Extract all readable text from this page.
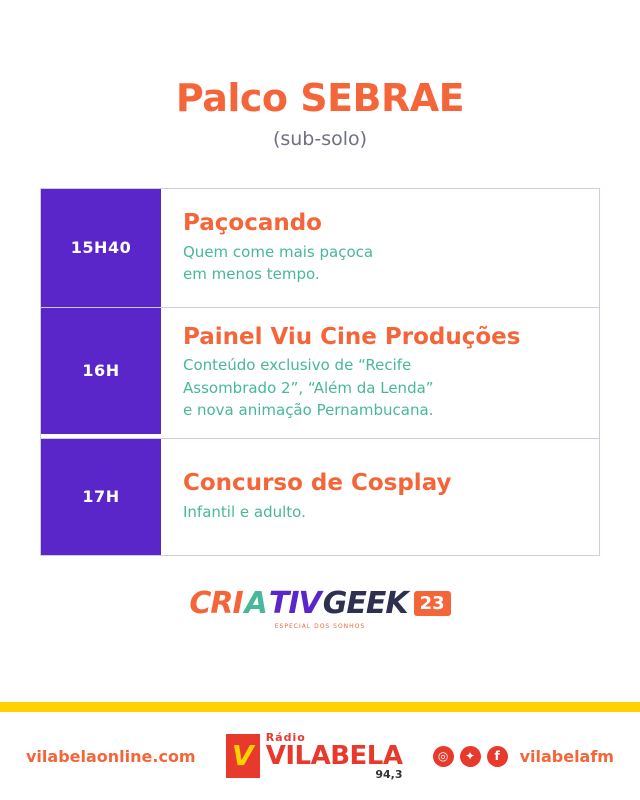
Palco SEBRAE
(sub-solo)
15H40
Paçocando
Quem come mais paçoca
em menos tempo.
16H
Painel Viu Cine Produções
Conteúdo exclusivo de “Recife
Assombrado 2”, “Além da Lenda”
e nova animação Pernambucana.
17H
Concurso de Cosplay
Infantil e adulto.
CRI A TIV GEEK 23
ESPECIAL DOS SONHOS
vilabelaonline.com V
Rádio
VILABELA
94,3
◎	✦	f	vilabelafm
